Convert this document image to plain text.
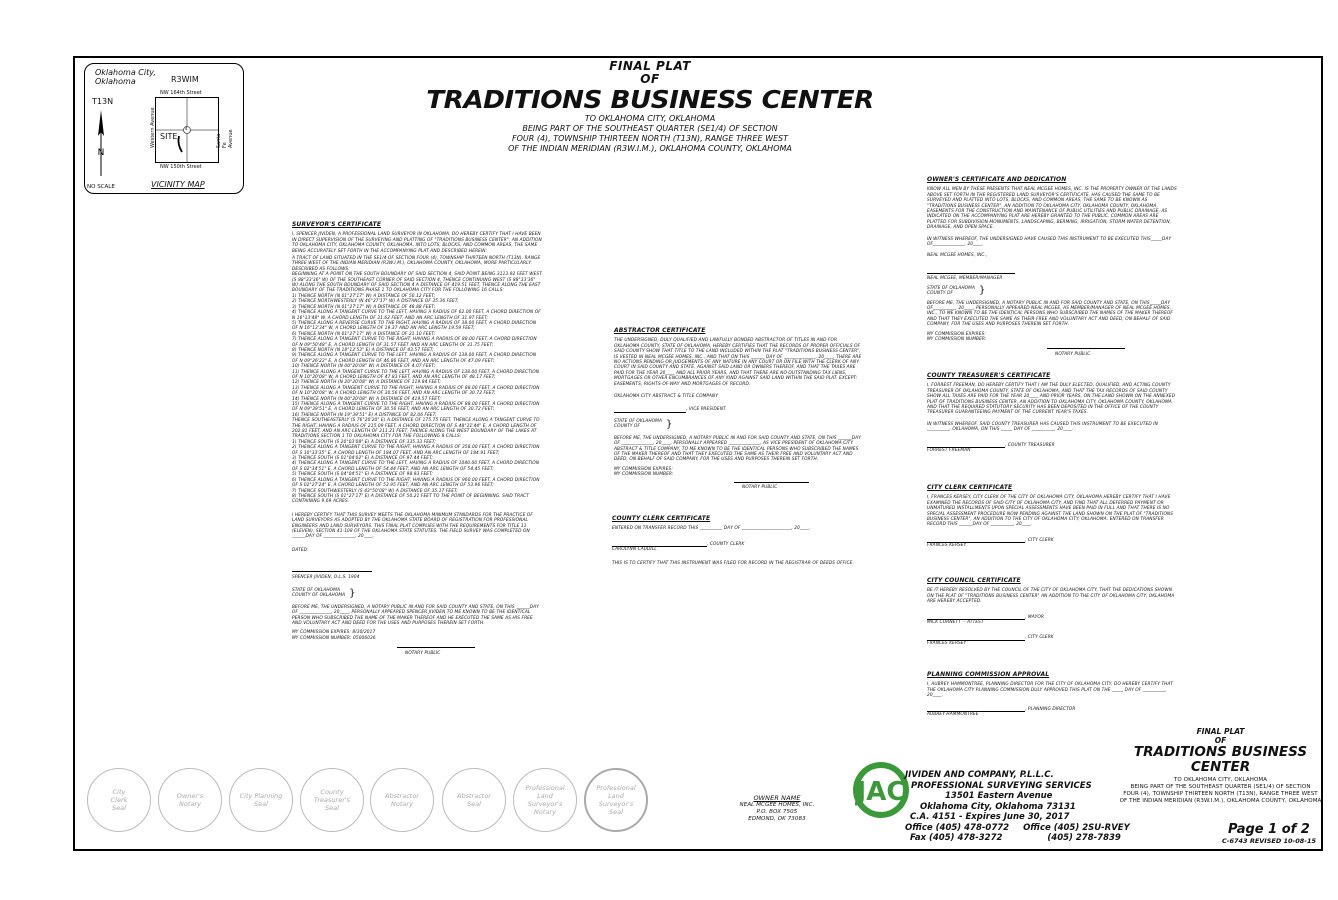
Oklahoma City,
Oklahoma	R3WIM
T13N
N
NW 164th Street
NW 150th Street
Western Avenue	Santa Fe Avenue
4
SITE
NO SCALE	VICINITY MAP
FINAL PLAT
OF
TRADITIONS BUSINESS CENTER
TO OKLAHOMA CITY, OKLAHOMA
BEING PART OF THE SOUTHEAST QUARTER (SE1/4) OF SECTION
FOUR (4), TOWNSHIP THIRTEEN NORTH (T13N), RANGE THREE WEST
OF THE INDIAN MERIDIAN (R3W.I.M.), OKLAHOMA COUNTY, OKLAHOMA
SURVEYOR'S CERTIFICATE

I, SPENCER JIVIDEN, A PROFESSIONAL LAND SURVEYOR IN OKLAHOMA, DO HEREBY CERTIFY THAT I HAVE BEEN IN DIRECT SUPERVISION OF THE SURVEYING AND PLATTING OF "TRADITIONS BUSINESS CENTER", AN ADDITION TO OKLAHOMA CITY, OKLAHOMA COUNTY, OKLAHOMA, INTO LOTS, BLOCKS, AND COMMON AREAS, THE SAME BEING ACCURATELY SET FORTH IN THE ACCOMPANYING PLAT AND DESCRIBED HEREIN:

A TRACT OF LAND SITUATED IN THE SE1/4 OF SECTION FOUR (4), TOWNSHIP THIRTEEN NORTH (T13N), RANGE THREE WEST OF THE INDIAN MERIDIAN (R3W.I.M.), OKLAHOMA COUNTY, OKLAHOMA, MORE PARTICULARLY DESCRIBED AS FOLLOWS:
BEGINNING AT A POINT ON THE SOUTH BOUNDARY OF SAID SECTION 4, SAID POINT BEING 3113.92 FEET WEST (S 88°33'36" W) OF THE SOUTHEAST CORNER OF SAID SECTION 4, THENCE CONTINUING WEST (S 88°33'36" W) ALONG THE SOUTH BOUNDARY OF SAID SECTION 4 A DISTANCE OF 419.51 FEET, THENCE ALONG THE EAST BOUNDARY OF THE TRADITIONS PHASE 1 TO OKLAHOMA CITY FOR THE FOLLOWING 16 CALLS:
1) THENCE NORTH (N 01°27'17" W) A DISTANCE OF 50.12 FEET;
2) THENCE NORTHWESTERLY (N 46°27'17" W) A DISTANCE OF 35.36 FEET;
3) THENCE NORTH (N 01°27'17" W) A DISTANCE OF 48.88 FEET;
4) THENCE ALONG A TANGENT CURVE TO THE LEFT, HAVING A RADIUS OF 62.00 FEET, A CHORD DIRECTION OF N 16°13'48" W, A CHORD LENGTH OF 31.62 FEET, AND AN ARC LENGTH OF 31.97 FEET;
5) THENCE ALONG A REVERSE CURVE TO THE RIGHT, HAVING A RADIUS OF 38.00 FEET, A CHORD DIRECTION OF N 16°13'34" W, A CHORD LENGTH OF 19.37 AND AN ARC LENGTH 19.59 FEET;
6) THENCE NORTH (N 01°27'17" W) A DISTANCE OF 21.10 FEET;
7) THENCE ALONG A TANGENT CURVE TO THE RIGHT, HAVING A RADIUS OF 88.00 FEET, A CHORD DIRECTION OF N 09°50'48" E, A CHORD LENGTH OF 31.57 FEET AND AN ARC LENGTH OF 31.75 FEET;
8) THENCE NORTH (N 18°12'53" E) A DISTANCE OF 43.57 FEET;
9) THENCE ALONG A TANGENT CURVE TO THE LEFT, HAVING A RADIUS OF 138.00 FEET, A CHORD DIRECTION OF N 09°26'22" E, A CHORD LENGTH OF 46.86 FEET, AND AN ARC LENGTH OF 47.09 FEET;
10) THENCE NORTH (N 00°20'08" W) A DISTANCE OF 4.07 FEET;
11) THENCE ALONG A TANGENT CURVE TO THE LEFT, HAVING A RADIUS OF 138.00 FEET, A CHORD DIRECTION OF N 10°20'08" W, A CHORD LENGTH OF 47.83 FEET, AND AN ARC LENGTH OF 48.17 FEET;
12) THENCE NORTH (N 20°20'08" W) A DISTANCE OF 119.84 FEET;
13) THENCE ALONG A TANGENT CURVE TO THE RIGHT, HAVING A RADIUS OF 88.00 FEET, A CHORD DIRECTION OF N 10°20'08" W, A CHORD LENGTH OF 30.56 FEET, AND AN ARC LENGTH OF 30.72 FEET;
14) THENCE NORTH (N 00°20'08" W) A DISTANCE OF 419.57 FEET;
15) THENCE ALONG A TANGENT CURVE TO THE RIGHT, HAVING A RADIUS OF 88.00 FEET, A CHORD DIRECTION OF N 09°39'51" E, A CHORD LENGTH OF 30.56 FEET, AND AN ARC LENGTH OF 30.72 FEET;
16) THENCE NORTH (N 19°39'51" E) A DISTANCE OF 82.06 FEET;
THENCE SOUTHEASTERLY (S 76°20'20" E) A DISTANCE OF 175.75 FEET, THENCE ALONG A TANGENT CURVE TO THE RIGHT, HAVING A RADIUS OF 215.09 FEET, A CHORD DIRECTION OF S 48°11'44" E, A CHORD LENGTH OF 202.81 FEET, AND AN ARC LENGTH OF 211.21 FEET, THENCE ALONG THE WEST BOUNDARY OF THE LAKES AT TRADITIONS SECTION 1 TO OKLAHOMA CITY FOR THE FOLLOWING 8 CALLS:
1) THENCE SOUTH (S 20°03'08" E) A DISTANCE OF 335.33 FEET;
2) THENCE ALONG A TANGENT CURVE TO THE RIGHT, HAVING A RADIUS OF 358.00 FEET, A CHORD DIRECTION OF S 10°33'35" E, A CHORD LENGTH OF 184.07 FEET, AND AN ARC LENGTH OF 184.91 FEET;
3) THENCE SOUTH (S 01°04'02" E) A DISTANCE OF 97.44 FEET;
4) THENCE ALONG A TANGENT CURVE TO THE LEFT, HAVING A RADIUS OF 1040.00 FEET, A CHORD DIRECTION OF S 02°34'51" E, A CHORD LENGTH OF 54.44 FEET, AND AN ARC LENGTH OF 54.45 FEET;
5) THENCE SOUTH (S 04°04'51" E) A DISTANCE OF 98.93 FEET;
6) THENCE ALONG A TANGENT CURVE TO THE RIGHT, HAVING A RADIUS OF 960.00 FEET, A CHORD DIRECTION OF S 02°27'24" E, A CHORD LENGTH OF 53.95 FEET, AND AN ARC LENGTH OF 53.96 FEET;
7) THENCE SOUTHWESTERLY (S 43°50'08" W) A DISTANCE OF 35.17 FEET;
8) THENCE SOUTH (S 01°27'17" E) A DISTANCE OF 50.21 FEET TO THE POINT OF BEGINNING. SAID TRACT CONTAINING 9.69 ACRES.

I HEREBY CERTIFY THAT THIS SURVEY MEETS THE OKLAHOMA MINIMUM STANDARDS FOR THE PRACTICE OF LAND SURVEYORS AS ADOPTED BY THE OKLAHOMA STATE BOARD OF REGISTRATION FOR PROFESSIONAL ENGINEERS AND LAND SURVEYORS. THIS FINAL PLAT COMPLIES WITH THE REQUIREMENTS FOR TITLE 11 (ELEVEN), SECTION 41-108 OF THE OKLAHOMA STATE STATUTES. THE FIELD SURVEY WAS COMPLETED ON ______DAY OF ______________, 20____.

DATED:

SPENCER JIVIDEN, O.L.S. 1904

STATE OF OKLAHOMA
COUNTY OF OKLAHOMA }

BEFORE ME, THE UNDERSIGNED, A NOTARY PUBLIC IN AND FOR SAID COUNTY AND STATE, ON THIS ______DAY OF ______________, 20____, PERSONALLY APPEARED SPENCER JIVIDEN TO ME KNOWN TO BE THE IDENTICAL PERSON WHO SUBSCRIBED THE NAME OF THE MAKER THEREOF AND HE EXECUTED THE SAME AS HIS FREE AND VOLUNTARY ACT AND DEED FOR THE USES AND PURPOSES THEREIN SET FORTH.

MY COMMISSION EXPIRES: 8/30/2017
MY COMMISSION NUMBER: 05006036

NOTARY PUBLIC
ABSTRACTOR CERTIFICATE

THE UNDERSIGNED, DULY QUALIFIED AND LAWFULLY BONDED ABSTRACTOR OF TITLES IN AND FOR OKLAHOMA COUNTY, STATE OF OKLAHOMA, HEREBY CERTIFIES THAT THE RECORDS OF PROPER OFFICIALS OF SAID COUNTY SHOW THAT TITLE TO THE LAND INCLUDED WITHIN THE PLAT "TRADITIONS BUSINESS CENTER", IS VESTED IN NEAL MCGEE HOMES, INC., AND THAT ON THIS ______ DAY OF ______________, 20____, THERE ARE NO ACTIONS PENDING OR JUDGEMENTS OF ANY NATURE IN ANY COURT OR ON FILE WITH THE CLERK OF ANY COURT IN SAID COUNTY AND STATE, AGAINST SAID LAND OR OWNERS THEREOF, AND THAT THE TAXES ARE PAID FOR THE YEAR 20____ AND ALL PRIOR YEARS, AND THAT THERE ARE NO OUTSTANDING TAX LIENS, MORTGAGES OR OTHER ENCUMBRANCES OF ANY KIND AGAINST SAID LAND WITHIN THE SAID PLAT. EXCEPT: EASEMENTS, RIGHTS-OF-WAY AND MORTGAGES OF RECORD.

OKLAHOMA CITY ABSTRACT & TITLE COMPANY

, VICE PRESIDENT
STATE OF OKLAHOMA
COUNTY OF	}

BEFORE ME, THE UNDERSIGNED, A NOTARY PUBLIC IN AND FOR SAID COUNTY AND STATE, ON THIS ______DAY OF ______________, 20____, PERSONALLY APPEARED ______________, AS VICE PRESIDENT OF OKLAHOMA CITY ABSTRACT & TITLE COMPANY, TO ME KNOWN TO BE THE IDENTICAL PERSONS WHO SUBSCRIBED THE NAMES OF THE MAKER THEREOF AND THAT THEY EXECUTED THE SAME AS THEIR FREE AND VOLUNTARY ACT AND DEED, ON BEHALF OF SAID COMPANY, FOR THE USES AND PURPOSES THEREIN SET FORTH.

MY COMMISSION EXPIRES:
MY COMMISSION NUMBER:

NOTARY PUBLIC
COUNTY CLERK CERTIFICATE

ENTERED ON TRANSFER RECORD THIS __________ DAY OF ______________________, 20____.

, COUNTY CLERK

CAROLYNN CAUDILL

THIS IS TO CERTIFY THAT THIS INSTRUMENT WAS FILED FOR RECORD IN THE REGISTRAR OF DEEDS OFFICE.

OWNER'S CERTIFICATE AND DEDICATION

KNOW ALL MEN BY THESE PRESENTS THAT NEAL MCGEE HOMES, INC. IS THE PROPERTY OWNER OF THE LANDS ABOVE SET FORTH IN THE REGISTERED LAND SURVEYOR'S CERTIFICATE, HAS CAUSED THE SAME TO BE SURVEYED AND PLATTED INTO LOTS, BLOCKS, AND COMMON AREAS, THE SAME TO BE KNOWN AS "TRADITIONS BUSINESS CENTER", AN ADDITION TO OKLAHOMA CITY, OKLAHOMA COUNTY, OKLAHOMA, EASEMENTS FOR THE CONSTRUCTION AND MAINTENANCE OF PUBLIC UTILITIES AND PUBLIC DRAINAGE, AS INDICATED ON THE ACCOMPANYING PLAT ARE HEREBY GRANTED TO THE PUBLIC. COMMON AREAS ARE PLATTED FOR SUBDIVISION MONUMENTS, LANDSCAPING, BERMING, IRRIGATION, STORM WATER DETENTION, DRAINAGE, AND OPEN SPACE.

IN WITNESS WHEREOF, THE UNDERSIGNED HAVE CAUSED THIS INSTRUMENT TO BE EXECUTED THIS_____DAY OF______________, 20____.

NEAL MCGEE HOMES, INC.,

NEAL MCGEE, MEMBER/MANAGER

STATE OF OKLAHOMA
COUNTY OF	}

BEFORE ME, THE UNDERSIGNED, A NOTARY PUBLIC IN AND FOR SAID COUNTY AND STATE, ON THIS_____DAY OF__________, 20____, PERSONALLY APPEARED NEAL MCGEE, AS MEMBER/MANAGER OF NEAL MCGEE HOMES, INC., TO ME KNOWN TO BE THE IDENTICAL PERSONS WHO SUBSCRIBED THE NAMES OF THE MAKER THEREOF AND THAT THEY EXECUTED THE SAME AS THEIR FREE AND VOLUNTARY ACT AND DEED, ON BEHALF OF SAID COMPANY, FOR THE USES AND PURPOSES THEREIN SET FORTH.

MY COMMISSION EXPIRES:
MY COMMISSION NUMBER:

NOTARY PUBLIC
COUNTY TREASURER'S CERTIFICATE

I, FORREST FREEMAN, DO HEREBY CERTIFY THAT I AM THE DULY ELECTED, QUALIFIED, AND ACTING COUNTY TREASURER OF OKLAHOMA COUNTY, STATE OF OKLAHOMA, AND THAT THE TAX RECORDS OF SAID COUNTY SHOW ALL TAXES ARE PAID FOR THE YEAR 20____ AND PRIOR YEARS, ON THE LAND SHOWN ON THE ANNEXED PLAT OF TRADITIONS BUSINESS CENTER, AN ADDITION TO OKLAHOMA CITY, OKLAHOMA COUNTY, OKLAHOMA AND THAT THE REQUIRED STATUTORY SECURITY HAS BEEN DEPOSITED IN THE OFFICE OF THE COUNTY TREASURER GUARANTEEING PAYMENT OF THE CURRENT YEAR'S TAXES.

IN WITNESS WHEREOF, SAID COUNTY TREASURER HAS CAUSED THIS INSTRUMENT TO BE EXECUTED IN __________, OKLAHOMA, ON THIS _____ DAY OF __________, 20____.

, COUNTY TREASURER

FORREST FREEMAN

CITY CLERK CERTIFICATE

I, FRANCES KERSEY, CITY CLERK OF THE CITY OF OKLAHOMA CITY, OKLAHOMA HEREBY CERTIFY THAT I HAVE EXAMINED THE RECORDS OF SAID CITY OF OKLAHOMA CITY, AND FIND THAT ALL DEFERRED PAYMENT OR UNMATURED INSTALLMENTS UPON SPECIAL ASSESSMENTS HAVE BEEN PAID IN FULL AND THAT THERE IS NO SPECIAL ASSESSMENT PROCEDURE NOW PENDING AGAINST THE LAND SHOWN ON THE PLAT OF "TRADITIONS BUSINESS CENTER", AN ADDITION TO THE CITY OF OKLAHOMA CITY, OKLAHOMA. ENTERED ON TRANSFER RECORD THIS ______DAY OF __________, 20____.

, CITY CLERK

FRANCES KERSEY

CITY COUNCIL CERTIFICATE

BE IT HEREBY RESOLVED BY THE COUNCIL OF THE CITY OF OKLAHOMA CITY, THAT THE DEDICATIONS SHOWN ON THE PLAT OF "TRADITIONS BUSINESS CENTER" AN ADDITION TO THE CITY OF OKLAHOMA CITY, OKLAHOMA ARE HEREBY ACCEPTED.

, MAYOR

MICK CORNETT -- ATTEST

, CITY CLERK

FRANCES KERSEY

PLANNING COMMISSION APPROVAL

I, AUBREY HAMMONTREE, PLANNING DIRECTOR FOR THE CITY OF OKLAHOMA CITY, DO HEREBY CERTIFY THAT THE OKLAHOMA CITY PLANNING COMMISSION DULY APPROVED THIS PLAT ON THE _____ DAY OF __________, 20____.

, PLANNING DIRECTOR

AUBREY HAMMONTREE

City
Clerk
Seal
Owner's
Notary
City Planning
Seal
County
Treasurer's
Seal
Abstractor
Notary
Abstractor
Seal
Professional
Land
Surveyor's
Notary
Professional
Land
Surveyor's
Seal
OWNER NAME
NEAL MCGEE HOMES, INC.
P.O. BOX 7505
EDMOND, OK 73083
JAC
JIVIDEN AND COMPANY, P.L.L.C.
PROFESSIONAL SURVEYING SERVICES
13501 Eastern Avenue
Oklahoma City, Oklahoma 73131
C.A. 4151 - Expires June 30, 2017
Office (405) 478-0772 Office (405) 2SU-RVEY
Fax (405) 478-3272	(405) 278-7839
FINAL PLAT
OF
TRADITIONS BUSINESS
CENTER
TO OKLAHOMA CITY, OKLAHOMA
BEING PART OF THE SOUTHEAST QUARTER (SE1/4) OF SECTION
FOUR (4), TOWNSHIP THIRTEEN NORTH (T13N), RANGE THREE WEST
OF THE INDIAN MERIDIAN (R3W.I.M.), OKLAHOMA COUNTY, OKLAHOMA
Page 1 of 2
C-6743 REVISED 10-08-15
